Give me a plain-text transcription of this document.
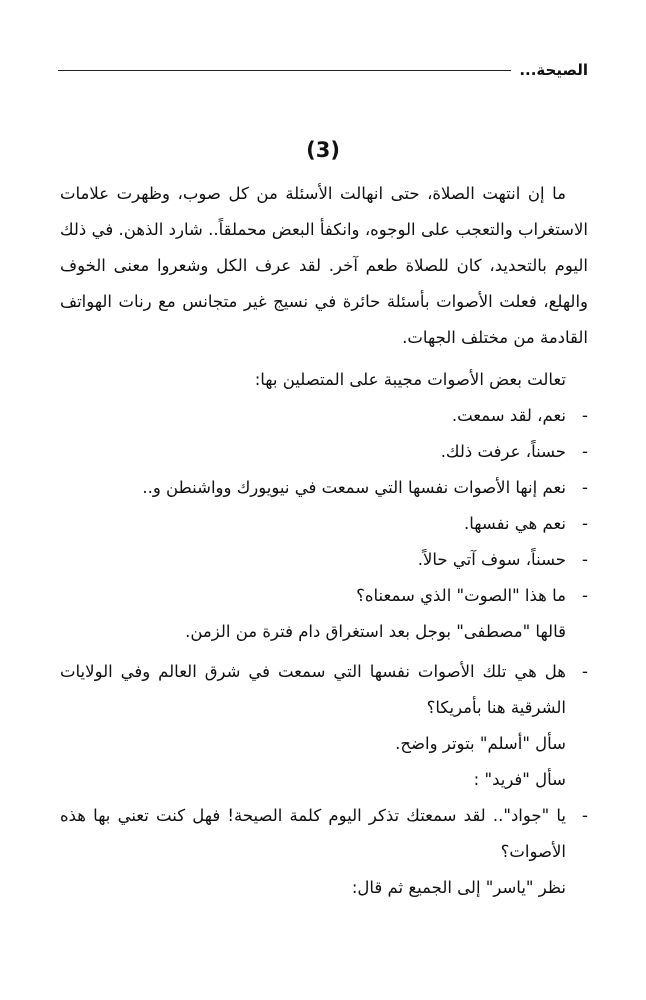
الصيحة...
(3)

ما إن انتهت الصلاة، حتى انهالت الأسئلة من كل صوب، وظهرت علامات الاستغراب والتعجب على الوجوه، وانكفأ البعض محملقاً.. شارد الذهن. في ذلك اليوم بالتحديد، كان للصلاة طعم آخر. لقد عرف الكل وشعروا معنى الخوف والهلع، فعلت الأصوات بأسئلة حائرة في نسيج غير متجانس مع رنات الهواتف القادمة من مختلف الجهات.

تعالت بعض الأصوات مجيبة على المتصلين بها:

-
نعم، لقد سمعت.

-
حسناً، عرفت ذلك.

-
نعم إنها الأصوات نفسها التي سمعت في نيويورك وواشنطن و..

-
نعم هي نفسها.

-
حسناً، سوف آتي حالاً.

-
ما هذا "الصوت" الذي سمعناه؟

قالها "مصطفى" بوجل بعد استغراق دام فترة من الزمن.

-
هل هي تلك الأصوات نفسها التي سمعت في شرق العالم وفي الولايات الشرقية هنا بأمريكا؟

سأل "أسلم" بتوتر واضح.

سأل "فريد" :

-
يا "جواد".. لقد سمعتك تذكر اليوم كلمة الصيحة! فهل كنت تعني بها هذه الأصوات؟

نظر "ياسر" إلى الجميع ثم قال:
